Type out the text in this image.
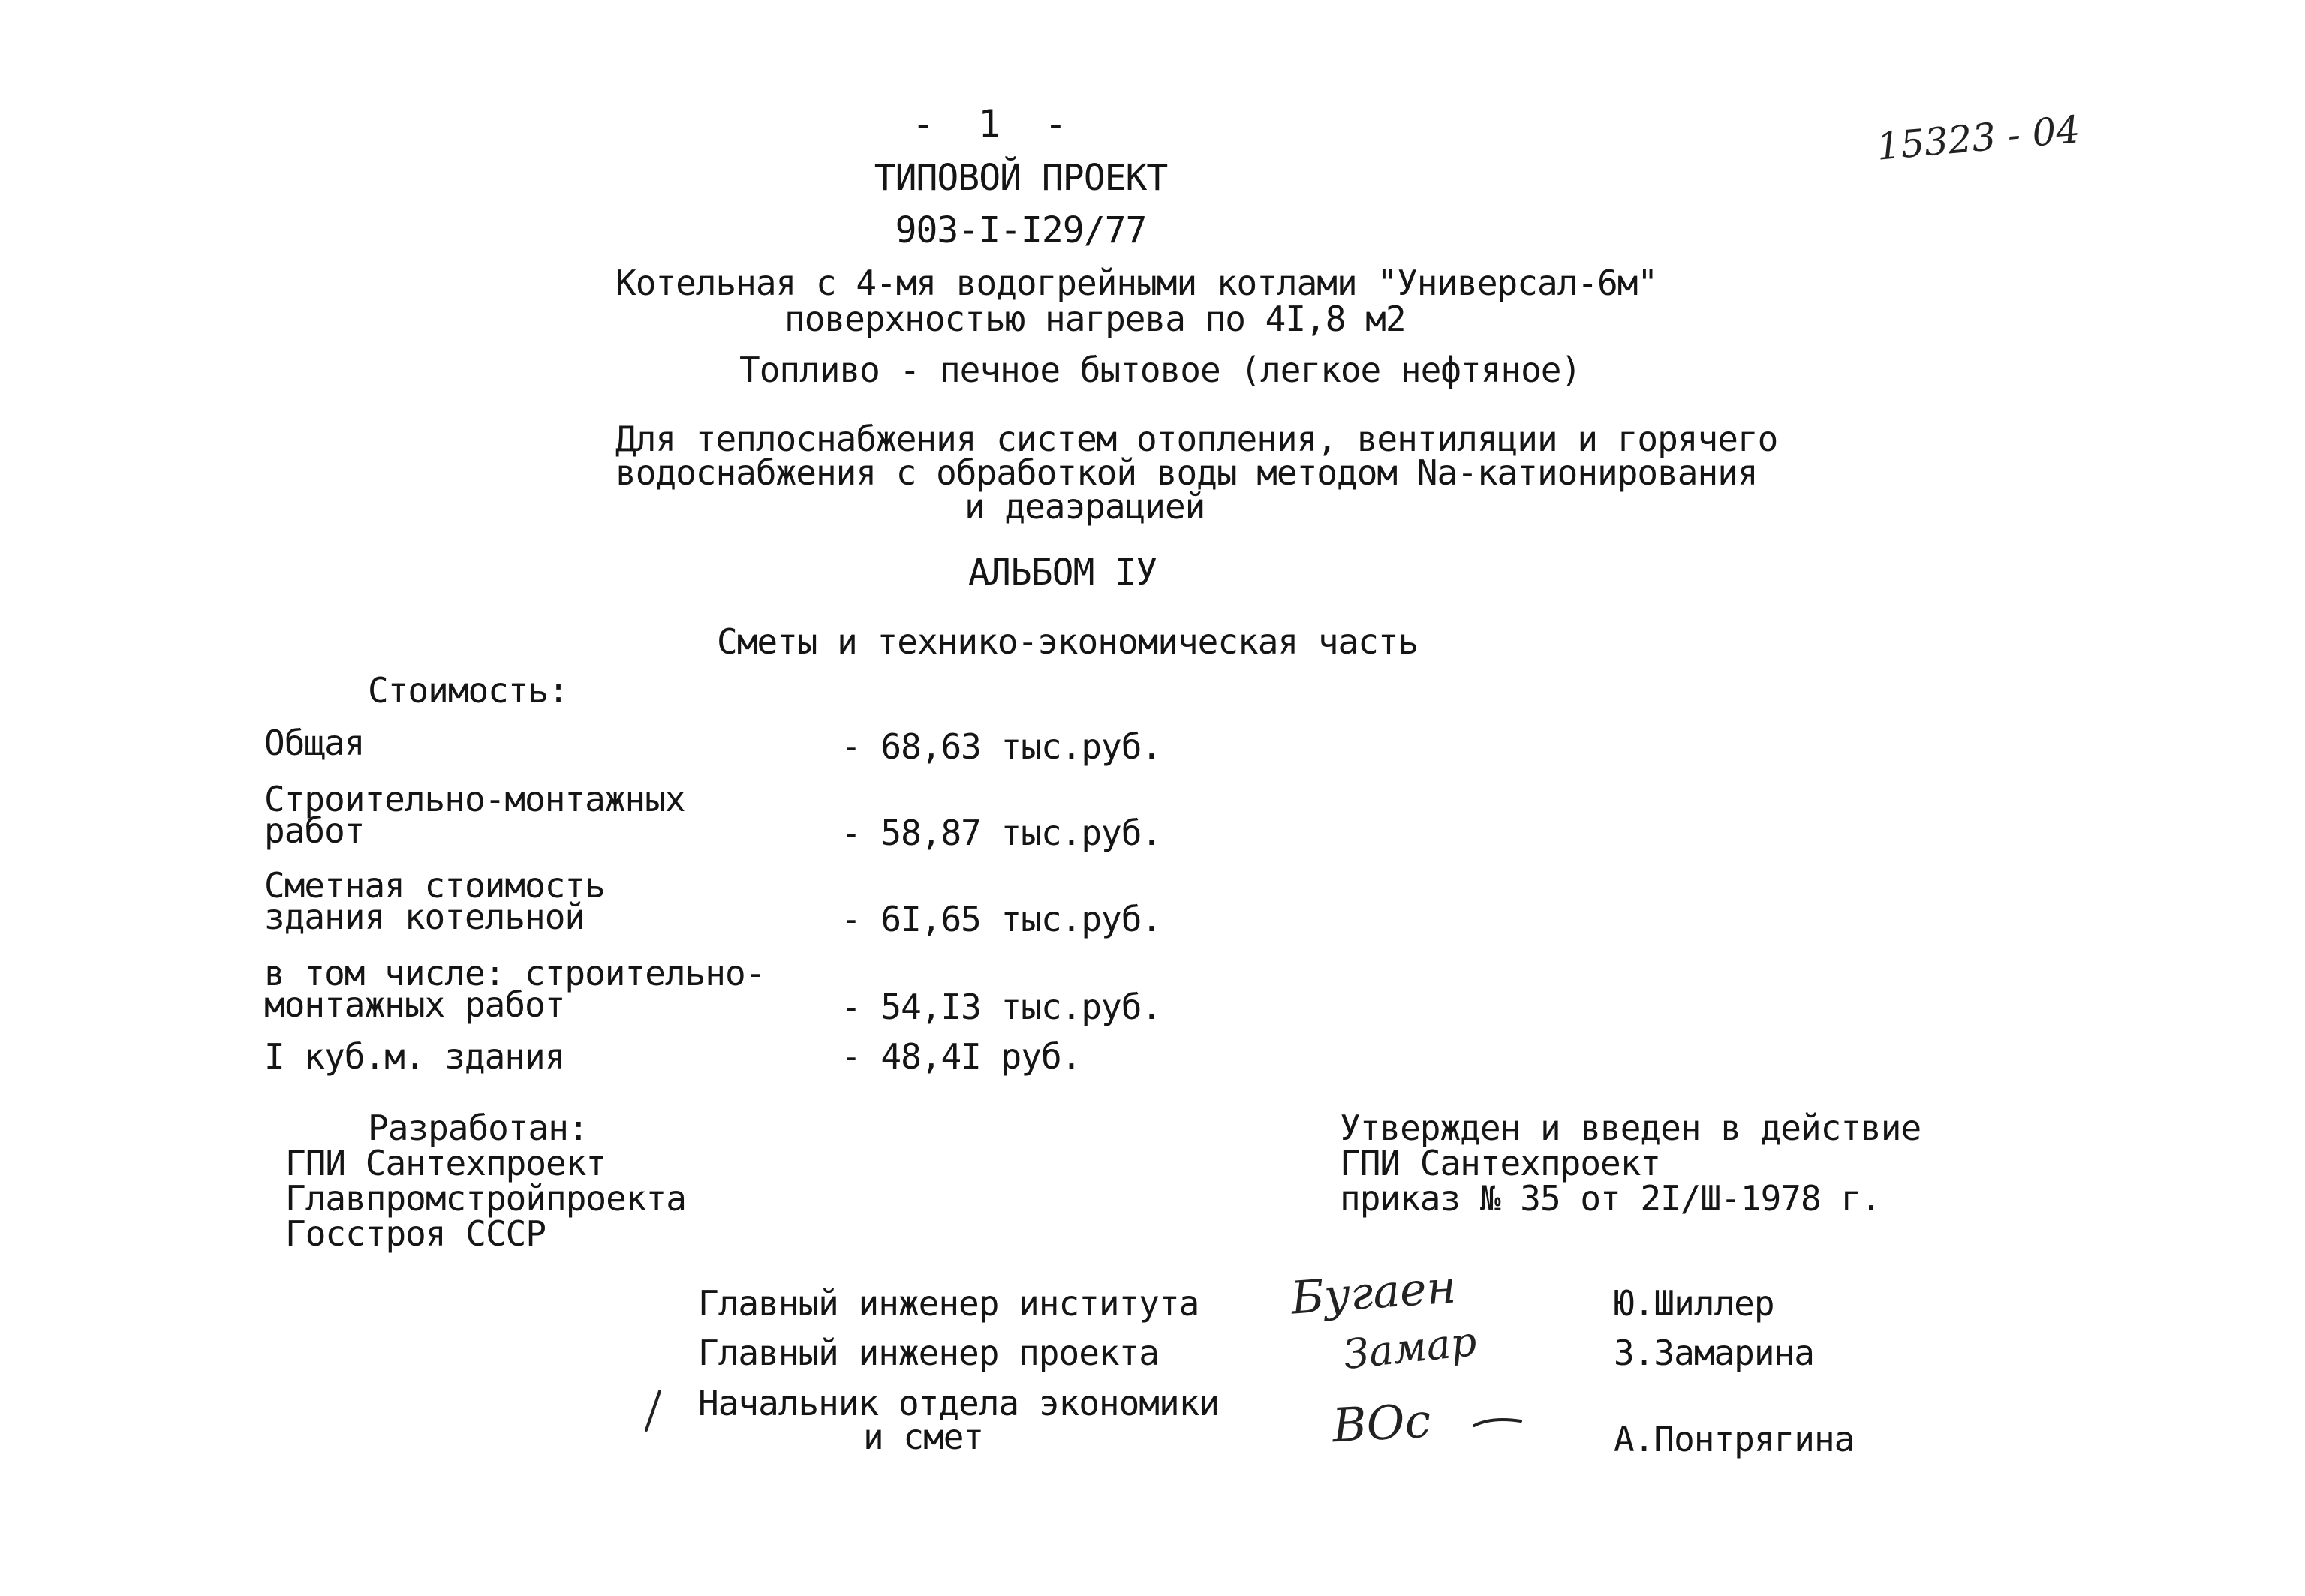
- 1 -	15323 - 04
ТИПОВОЙ ПРОЕКТ
903-I-I29/77
Котельная с 4-мя водогрейными котлами "Универсал-6м"
поверхностью нагрева по 4I,8 м2
Топливо - печное бытовое (легкое нефтяное)
Для теплоснабжения систем отопления, вентиляции и горячего
водоснабжения с обработкой воды методом Na-катионирования
и деаэрацией
АЛЬБОМ IУ
Сметы и технико-экономическая часть
Стоимость:
Общая	- 68,63 тыс.руб.
Строительно-монтажных
работ	- 58,87 тыс.руб.
Сметная стоимость
здания котельной	- 6I,65 тыс.руб.
в том числе: строительно-
монтажных работ	- 54,I3 тыс.руб.
I куб.м. здания	- 48,4I руб.
Разработан:
ГПИ Сантехпроект
Главпромстройпроекта
Госстроя СССР
Утвержден и введен в действие
ГПИ Сантехпроект
приказ № 35 от 2I/Ш-1978 г.
Главный инженер института Бугаен	Ю.Шиллер
Главный инженер проекта	Замар	З.Замарина
Начальник отдела экономики
и смет	ВОс	А.Понтрягина
